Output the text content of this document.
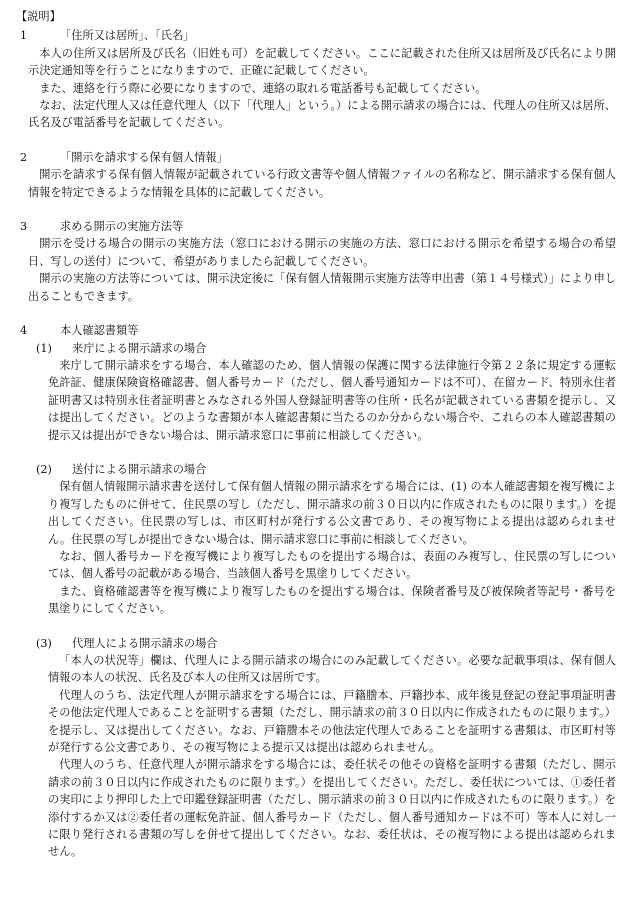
【説明】
1	「住所又は居所」、「氏名」

本人の住所又は居所及び氏名（旧姓も可）を記載してください。ここに記載された住所又は居所及び氏名により開示決定通知等を行うことになりますので、正確に記載してください。

また、連絡を行う際に必要になりますので、連絡の取れる電話番号も記載してください。

なお、法定代理人又は任意代理人（以下「代理人」という。）による開示請求の場合には、代理人の住所又は居所、氏名及び電話番号を記載してください。

2	「開示を請求する保有個人情報」

開示を請求する保有個人情報が記載されている行政文書等や個人情報ファイルの名称など、開示請求する保有個人情報を特定できるような情報を具体的に記載してください。

3	求める開示の実施方法等

開示を受ける場合の開示の実施方法（窓口における開示の実施の方法、窓口における開示を希望する場合の希望日、写しの送付）について、希望がありましたら記載してください。

開示の実施の方法等については、開示決定後に「保有個人情報開示実施方法等申出書（第１４号様式）」により申し出ることもできます。

4	本人確認書類等
(1)	来庁による開示請求の場合

来庁して開示請求をする場合、本人確認のため、個人情報の保護に関する法律施行令第２２条に規定する運転免許証、健康保険資格確認書、個人番号カード（ただし、個人番号通知カードは不可）、在留カード、特別永住者証明書又は特別永住者証明書とみなされる外国人登録証明書等の住所・氏名が記載されている書類を提示し、又は提出してください。どのような書類が本人確認書類に当たるのか分からない場合や、これらの本人確認書類の提示又は提出ができない場合は、開示請求窓口に事前に相談してください。

(2)	送付による開示請求の場合

保有個人情報開示請求書を送付して保有個人情報の開示請求をする場合には、(1) の本人確認書類を複写機により複写したものに併せて、住民票の写し（ただし、開示請求の前３０日以内に作成されたものに限ります。）を提出してください。住民票の写しは、市区町村が発行する公文書であり、その複写物による提出は認められません。住民票の写しが提出できない場合は、開示請求窓口に事前に相談してください。

なお、個人番号カードを複写機により複写したものを提出する場合は、表面のみ複写し、住民票の写しについては、個人番号の記載がある場合、当該個人番号を黒塗りしてください。

また、資格確認書等を複写機により複写したものを提出する場合は、保険者番号及び被保険者等記号・番号を黒塗りにしてください。

(3)	代理人による開示請求の場合

「本人の状況等」欄は、代理人による開示請求の場合にのみ記載してください。必要な記載事項は、保有個人情報の本人の状況、氏名及び本人の住所又は居所です。

代理人のうち、法定代理人が開示請求をする場合には、戸籍謄本、戸籍抄本、成年後見登記の登記事項証明書その他法定代理人であることを証明する書類（ただし、開示請求の前３０日以内に作成されたものに限ります。）を提示し、又は提出してください。なお、戸籍謄本その他法定代理人であることを証明する書類は、市区町村等が発行する公文書であり、その複写物による提示又は提出は認められません。

代理人のうち、任意代理人が開示請求をする場合には、委任状その他その資格を証明する書類（ただし、開示請求の前３０日以内に作成されたものに限ります。）を提出してください。ただし、委任状については、①委任者の実印により押印した上で印鑑登録証明書（ただし、開示請求の前３０日以内に作成されたものに限ります。）を添付するか又は②委任者の運転免許証、個人番号カード（ただし、個人番号通知カードは不可）等本人に対し一に限り発行される書類の写しを併せて提出してください。なお、委任状は、その複写物による提出は認められません。
